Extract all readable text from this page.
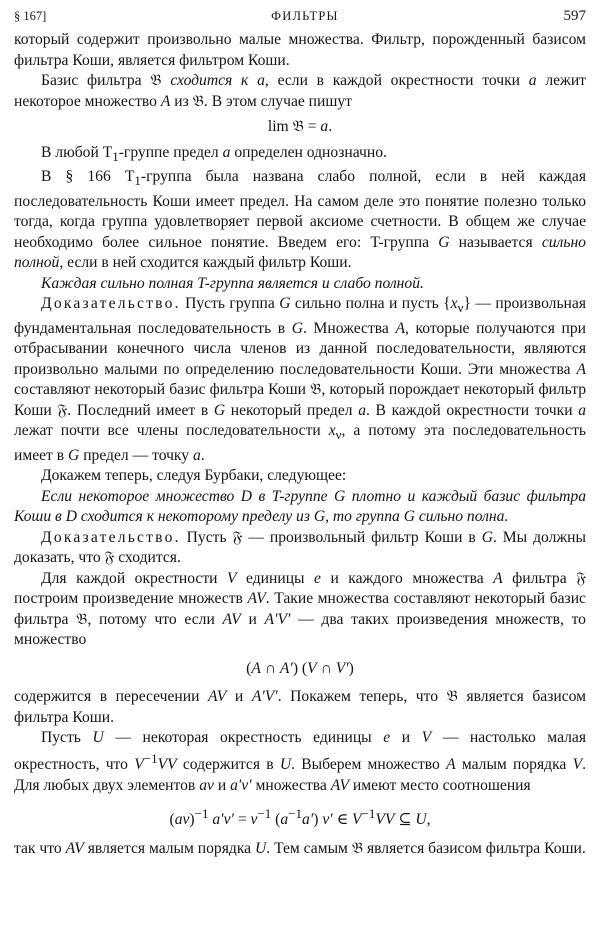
§ 167]	ФИЛЬТРЫ	597

который содержит произвольно малые множества. Фильтр, порожденный базисом фильтра Коши, является фильтром Коши.

Базис фильтра 𝔅 сходится к a, если в каждой окрестности точки a лежит некоторое множество A из 𝔅. В этом случае пишут

lim 𝔅 = a.

В любой $T_1$-группе предел a определен однозначно.

В § 166 $T_1$-группа была названа слабо полной, если в ней каждая последовательность Коши имеет предел. На самом деле это понятие полезно только тогда, когда группа удовлетворяет первой аксиоме счетности. В общем же случае необходимо более сильное понятие. Введем его: T-группа G называется сильно полной, если в ней сходится каждый фильтр Коши.

Каждая сильно полная T-группа является и слабо полной.

Доказательство. Пусть группа G сильно полна и пусть $\{x_\nu\}$ — произвольная фундаментальная последовательность в G. Множества A, которые получаются при отбрасывании конечного числа членов из данной последовательности, являются произвольно малыми по определению последовательности Коши. Эти множества A составляют некоторый базис фильтра Коши 𝔅, который порождает некоторый фильтр Коши 𝔉. Последний имеет в G некоторый предел a. В каждой окрестности точки a лежат почти все члены последовательности $x_\nu$, а потому эта последовательность имеет в G предел — точку a.

Докажем теперь, следуя Бурбаки, следующее:

Если некоторое множество D в T-группе G плотно и каждый базис фильтра Коши в D сходится к некоторому пределу из G, то группа G сильно полна.

Доказательство. Пусть 𝔉 — произвольный фильтр Коши в G. Мы должны доказать, что 𝔉 сходится.

Для каждой окрестности V единицы e и каждого множества A фильтра 𝔉 построим произведение множеств AV. Такие множества составляют некоторый базис фильтра 𝔅, потому что если AV и A′V′ — два таких произведения множеств, то множество

(A ∩ A′) (V ∩ V′)

содержится в пересечении AV и A′V′. Покажем теперь, что 𝔅 является базисом фильтра Коши.

Пусть U — некоторая окрестность единицы e и V — настолько малая окрестность, что $V^{-1}VV$ содержится в U. Выберем множество A малым порядка V. Для любых двух элементов av и a′v′ множества AV имеют место соотношения

(av)$^{-1}$ $a'v' = v^{-1}$ $(a^{-1}a')$ v′ ∈ $V^{-1}VV$ ⊆ U,

так что AV является малым порядка U. Тем самым 𝔅 является базисом фильтра Коши.
